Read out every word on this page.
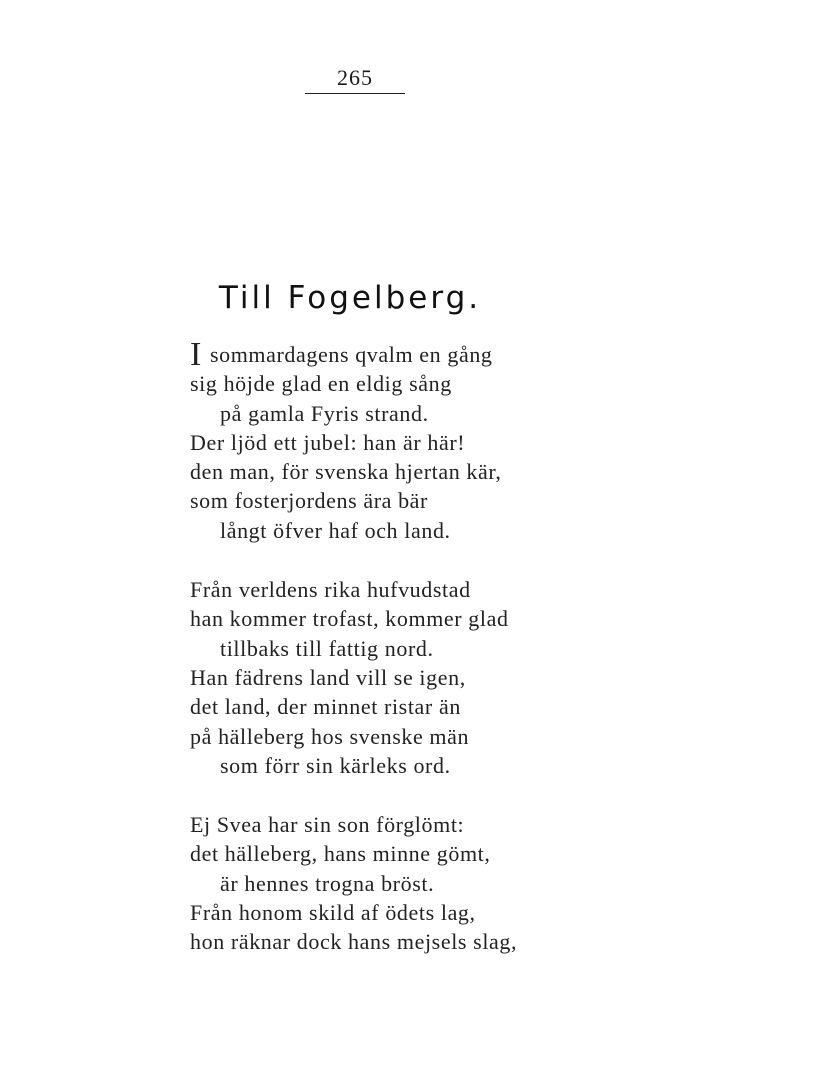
265
Till Fogelberg.
Isommardagens qvalm en gång
sig höjde glad en eldig sång
på gamla Fyris strand.
Der ljöd ett jubel: han är här!
den man, för svenska hjertan kär,
som fosterjordens ära bär
långt öfver haf och land.
Från verldens rika hufvudstad
han kommer trofast, kommer glad
tillbaks till fattig nord.
Han fädrens land vill se igen,
det land, der minnet ristar än
på hälleberg hos svenske män
som förr sin kärleks ord.
Ej Svea har sin son förglömt:
det hälleberg, hans minne gömt,
är hennes trogna bröst.
Från honom skild af ödets lag,
hon räknar dock hans mejsels slag,
